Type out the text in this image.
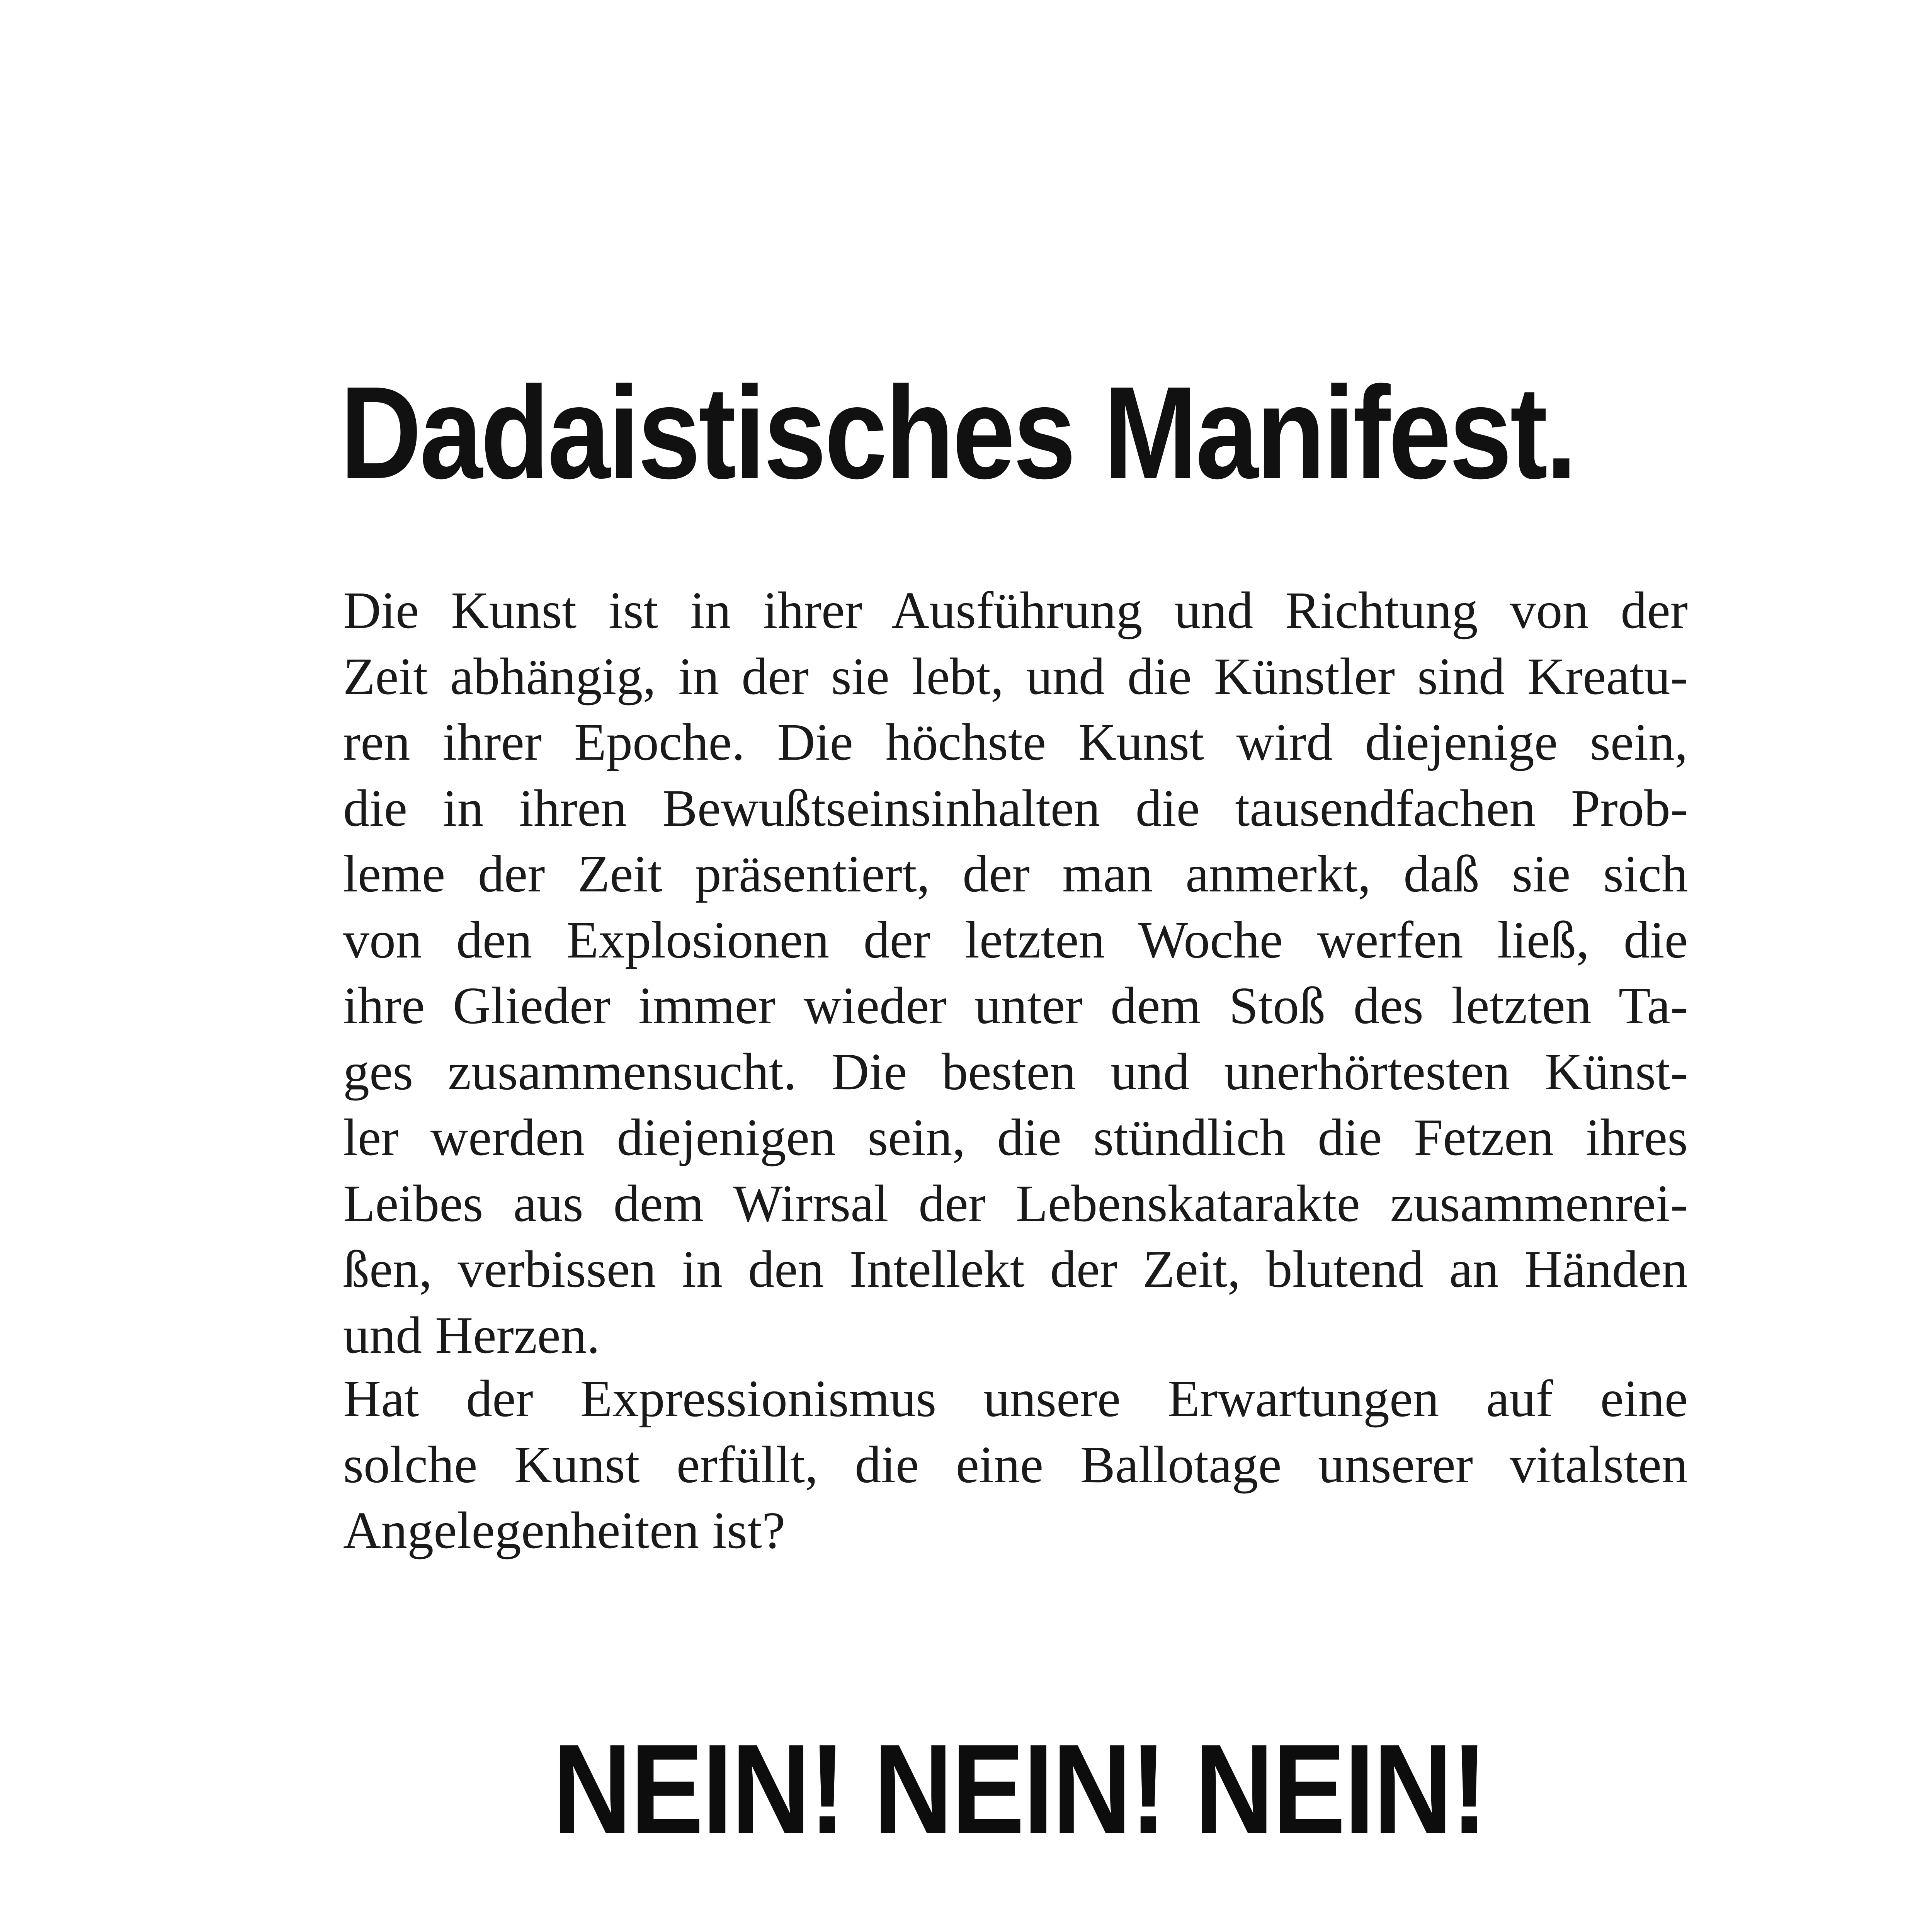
Dadaistisches Manifest.
Die Kunst ist in ihrer Ausführung und Richtung von der
Zeit abhängig, in der sie lebt, und die Künstler sind Kreatu-
ren ihrer Epoche. Die höchste Kunst wird diejenige sein,
die in ihren Bewußtseinsinhalten die tausendfachen Prob-
leme der Zeit präsentiert, der man anmerkt, daß sie sich
von den Explosionen der letzten Woche werfen ließ, die
ihre Glieder immer wieder unter dem Stoß des letzten Ta-
ges zusammensucht. Die besten und unerhörtesten Künst-
ler werden diejenigen sein, die stündlich die Fetzen ihres
Leibes aus dem Wirrsal der Lebenskatarakte zusammenrei-
ßen, verbissen in den Intellekt der Zeit, blutend an Händen
und Herzen.
Hat der Expressionismus unsere Erwartungen auf eine
solche Kunst erfüllt, die eine Ballotage unserer vitalsten
Angelegenheiten ist?
NEIN! NEIN! NEIN!
